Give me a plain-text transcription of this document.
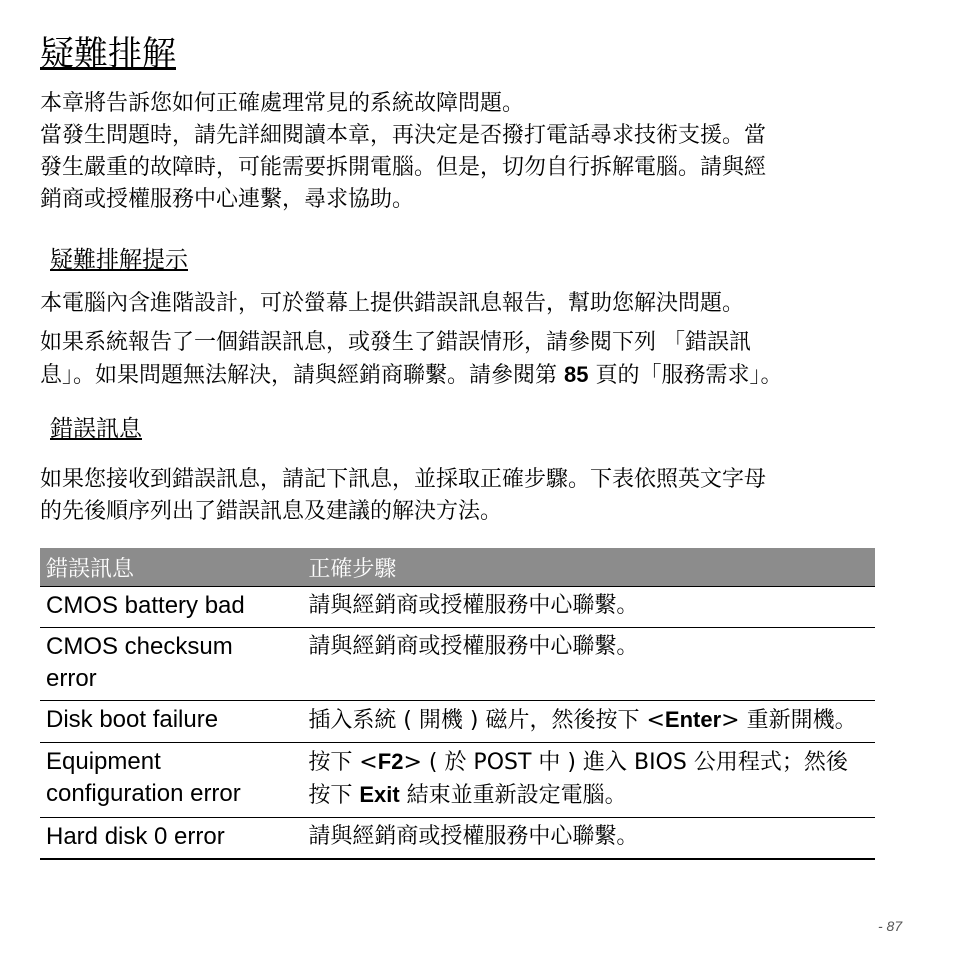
疑難排解
本章將告訴您如何正確處理常見的系統故障問題。
當發生問題時，請先詳細閱讀本章，再決定是否撥打電話尋求技術支援。當
發生嚴重的故障時，可能需要拆開電腦。但是，切勿自行拆解電腦。請與經
銷商或授權服務中心連繫，尋求協助。
疑難排解提示

本電腦內含進階設計，可於螢幕上提供錯誤訊息報告，幫助您解決問題。

如果系統報告了一個錯誤訊息，或發生了錯誤情形，請參閱下列 「錯誤訊
息」。如果問題無法解決，請與經銷商聯繫。請參閱第 85 頁的「服務需求」。
錯誤訊息
如果您接收到錯誤訊息，請記下訊息，並採取正確步驟。下表依照英文字母
的先後順序列出了錯誤訊息及建議的解決方法。
錯誤訊息	正確步驟
CMOS battery bad	請與經銷商或授權服務中心聯繫。
CMOS checksum
error	請與經銷商或授權服務中心聯繫。
Disk boot failure	插入系統 ( 開機 ) 磁片，然後按下 <Enter> 重新開機。
Equipment
configuration error	按下 <F2> ( 於 POST 中 ) 進入 BIOS 公用程式；然後按下 Exit 結束並重新設定電腦。
Hard disk 0 error	請與經銷商或授權服務中心聯繫。
- 87
